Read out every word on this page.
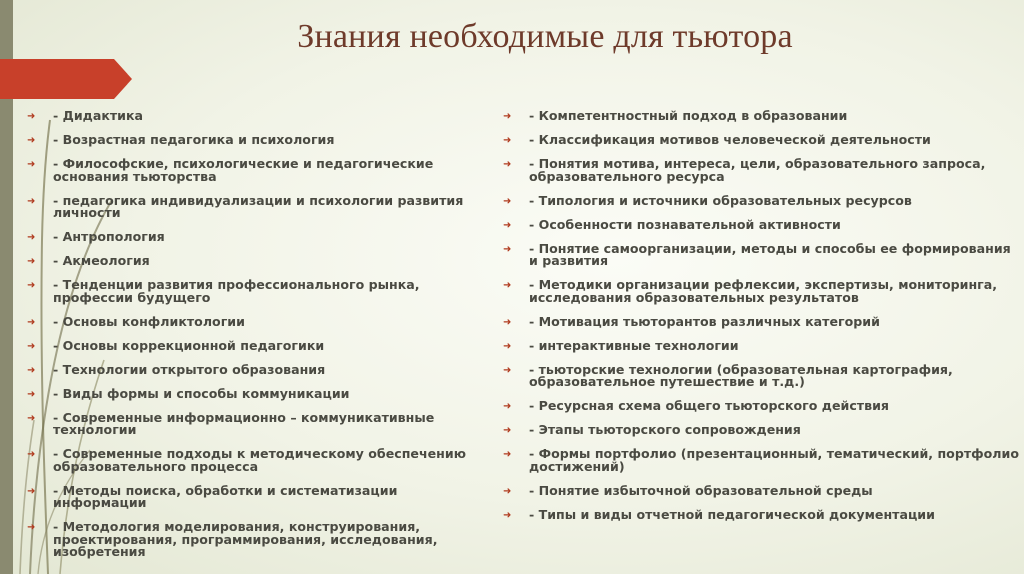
Знания необходимые для тьютора
➜ - Дидактика
➜ - Возрастная педагогика и психология
➜ - Философские, психологические и педагогические основания тьюторства
➜ - педагогика индивидуализации и психологии развития личности
➜ - Антропология
➜ - Акмеология
➜ - Тенденции развития профессионального рынка, профессии будущего
➜ - Основы конфликтологии
➜ - Основы коррекционной педагогики
➜ - Технологии открытого образования
➜ - Виды формы и способы коммуникации
➜ - Современные информационно – коммуникативные технологии
➜ - Современные подходы к методическому обеспечению образовательного процесса
➜ - Методы поиска, обработки и систематизации информации
➜ - Методология моделирования, конструирования, проектирования, программирования, исследования, изобретения
➜ - Компетентностный подход в образовании
➜ - Классификация мотивов человеческой деятельности
➜ - Понятия мотива, интереса, цели, образовательного запроса, образовательного ресурса
➜ - Типология и источники образовательных ресурсов
➜ - Особенности познавательной активности
➜ - Понятие самоорганизации, методы и способы ее формирования и развития
➜ - Методики организации рефлексии, экспертизы, мониторинга, исследования образовательных результатов
➜ - Мотивация тьюторантов различных категорий
➜ - интерактивные технологии
➜ - тьюторские технологии (образовательная картография, образовательное путешествие и т.д.)
➜ - Ресурсная схема общего тьюторского действия
➜ - Этапы тьюторского сопровождения
➜ - Формы портфолио (презентационный, тематический, портфолио достижений)
➜ - Понятие избыточной образовательной среды
➜ - Типы и виды отчетной педагогической документации
